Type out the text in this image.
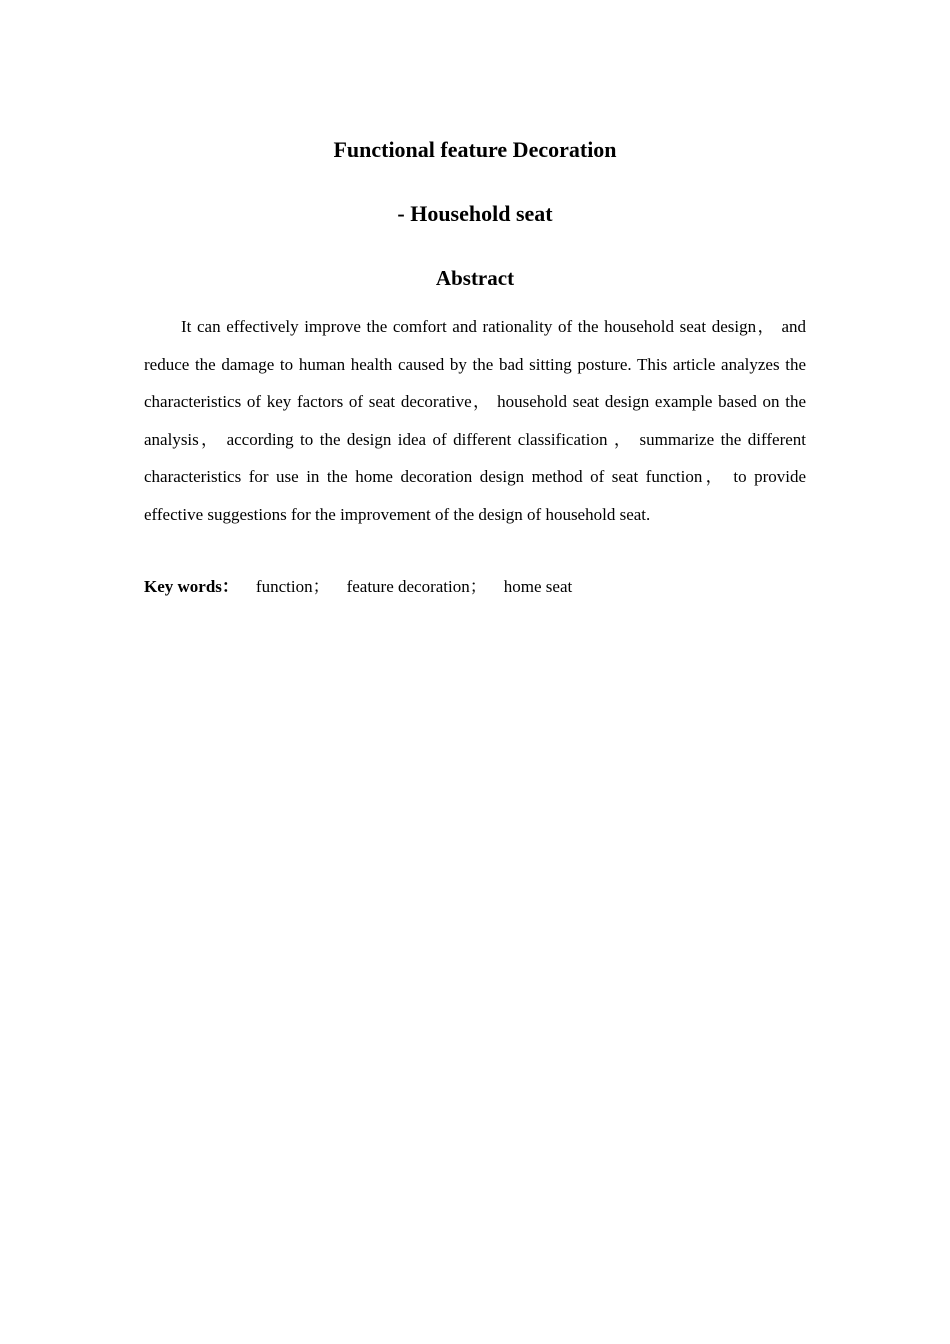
Functional feature Decoration
- Household seat
Abstract

It can effectively improve the comfort and rationality of the household seat design， and reduce the damage to human health caused by the bad sitting posture. This article analyzes the characteristics of key factors of seat decorative， household seat design example based on the analysis， according to the design idea of different classification ， summarize the different characteristics for use in the home decoration design method of seat function， to provide effective suggestions for the improvement of the design of household seat.

Key words： function； feature decoration； home seat
